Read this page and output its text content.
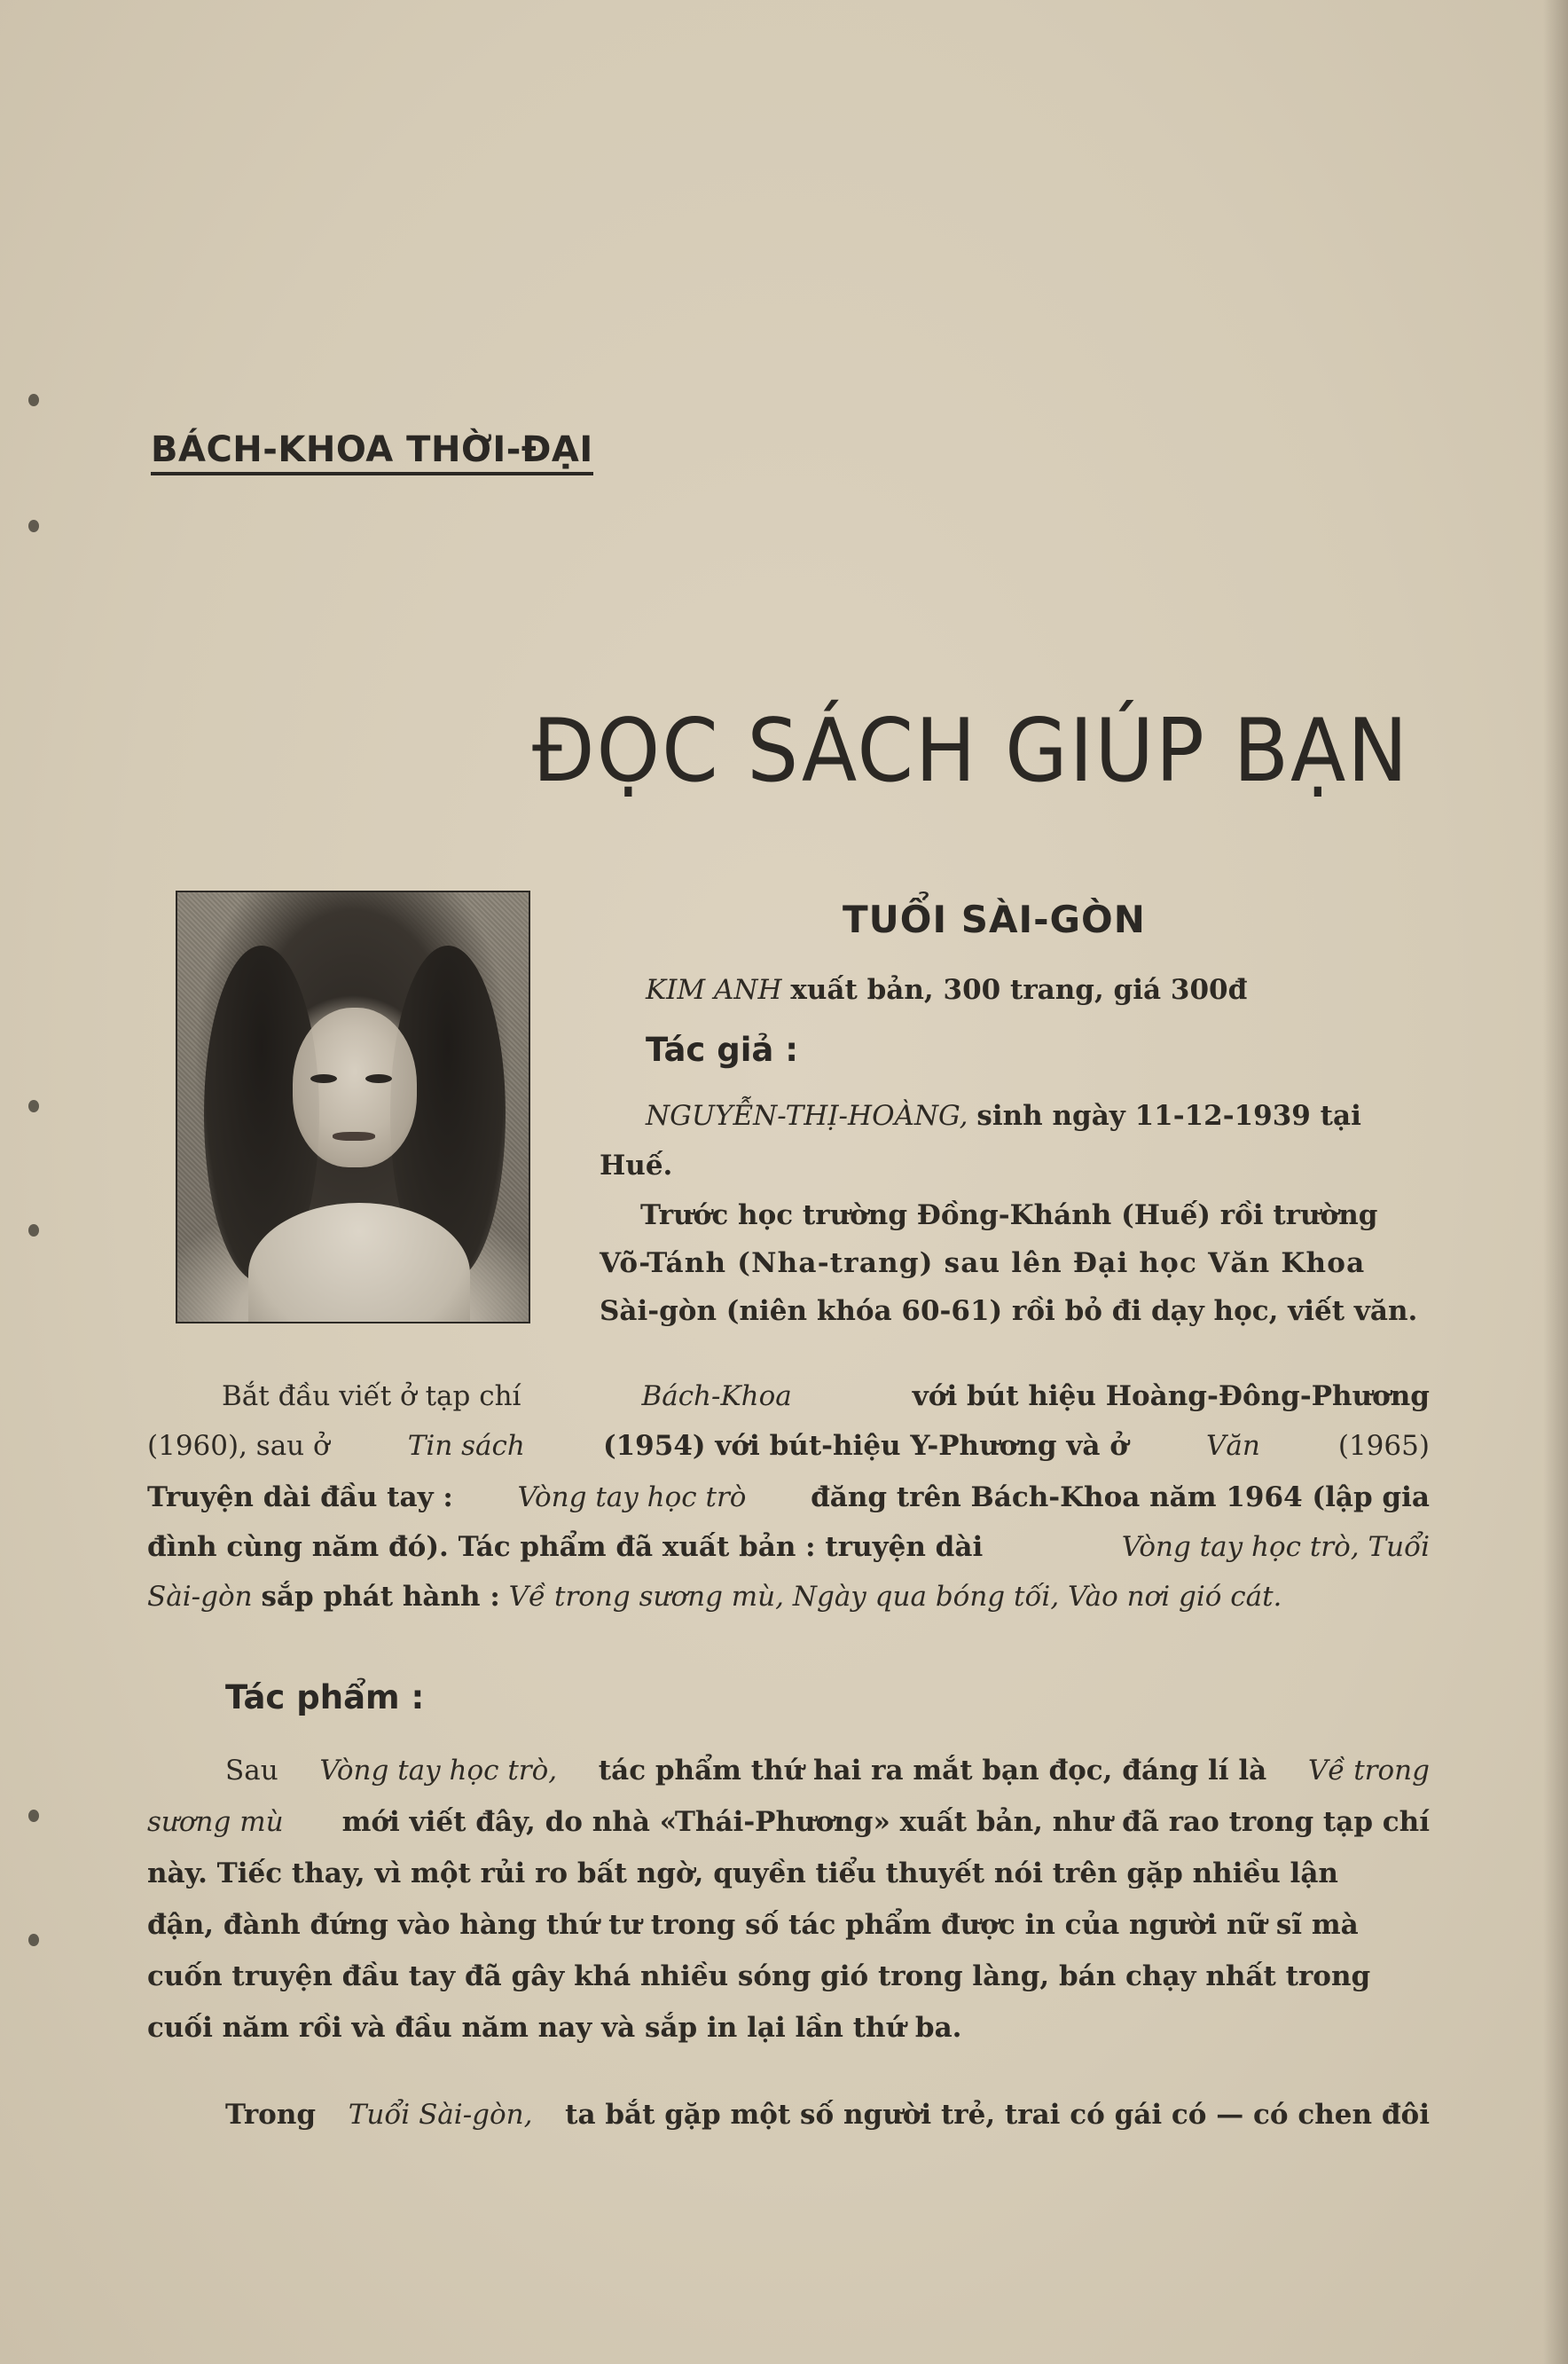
BÁCH-KHOA THỜI-ĐẠI
ĐỌC SÁCH GIÚP BẠN
TUỔI SÀI-GÒN
KIM ANH xuất bản, 300 trang, giá 300đ
Tác giả :
NGUYỄN-THỊ-HOÀNG, sinh ngày 11-12-1939 tại
Huế.
Trước học trường Đồng-Khánh (Huế) rồi trường
Võ-Tánh (Nha-trang) sau lên Đại học Văn Khoa
Sài-gòn (niên khóa 60-61) rồi bỏ đi dạy học, viết văn.
Bắt đầu viết ở tạp chí	Bách-Khoa	với bút hiệu Hoàng-Đông-Phương
(1960), sau ở	Tin sách	(1954) với bút-hiệu Y-Phương và ở	Văn	(1965)
Truyện dài đầu tay : Vòng tay học trò đăng trên Bách-Khoa năm 1964 (lập gia
đình cùng năm đó). Tác phẩm đã xuất bản : truyện dài	Vòng tay học trò, Tuổi
Sài-gòn sắp phát hành : Về trong sương mù, Ngày qua bóng tối, Vào nơi gió cát.
Tác phẩm :
Sau Vòng tay học trò, tác phẩm thứ hai ra mắt bạn đọc, đáng lí là Về trong
sương mù mới viết đây, do nhà «Thái-Phương» xuất bản, như đã rao trong tạp chí
này. Tiếc thay, vì một rủi ro bất ngờ, quyền tiểu thuyết nói trên gặp nhiều lận
đận, đành đứng vào hàng thứ tư trong số tác phẩm được in của người nữ sĩ mà
cuốn truyện đầu tay đã gây khá nhiều sóng gió trong làng, bán chạy nhất trong
cuối năm rồi và đầu năm nay và sắp in lại lần thứ ba.
Trong Tuổi Sài-gòn, ta bắt gặp một số người trẻ, trai có gái có — có chen đôi
